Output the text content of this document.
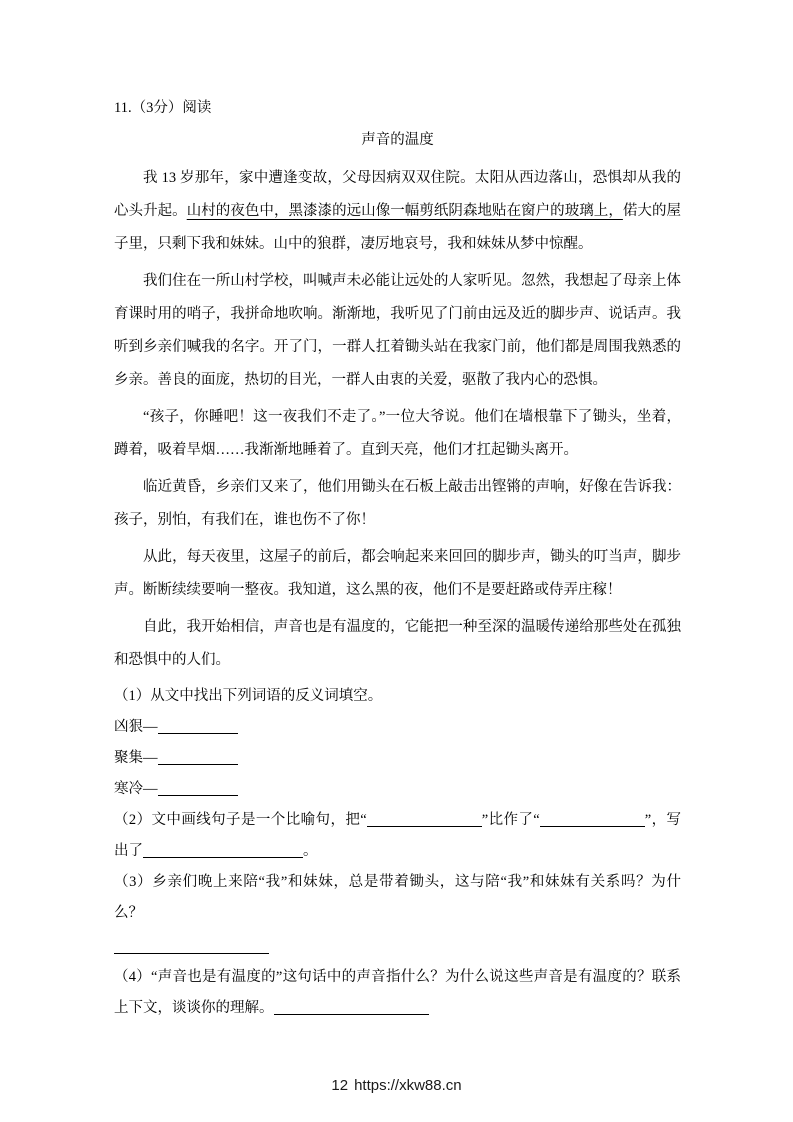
11.（3分）阅读
声音的温度

我 13 岁那年，家中遭逢变故，父母因病双双住院。太阳从西边落山，恐惧却从我的心头升起。山村的夜色中，黑漆漆的远山像一幅剪纸阴森地贴在窗户的玻璃上，偌大的屋子里，只剩下我和妹妹。山中的狼群，凄厉地哀号，我和妹妹从梦中惊醒。

我们住在一所山村学校，叫喊声未必能让远处的人家听见。忽然，我想起了母亲上体育课时用的哨子，我拼命地吹响。渐渐地，我听见了门前由远及近的脚步声、说话声。我听到乡亲们喊我的名字。开了门，一群人扛着锄头站在我家门前，他们都是周围我熟悉的乡亲。善良的面庞，热切的目光，一群人由衷的关爱，驱散了我内心的恐惧。

“孩子，你睡吧！这一夜我们不走了。”一位大爷说。他们在墙根靠下了锄头，坐着，蹲着，吸着旱烟……我渐渐地睡着了。直到天亮，他们才扛起锄头离开。

临近黄昏，乡亲们又来了，他们用锄头在石板上敲击出铿锵的声响，好像在告诉我：孩子，别怕，有我们在，谁也伤不了你！

从此，每天夜里，这屋子的前后，都会响起来来回回的脚步声，锄头的叮当声，脚步声。断断续续要响一整夜。我知道，这么黑的夜，他们不是要赶路或侍弄庄稼！

自此，我开始相信，声音也是有温度的，它能把一种至深的温暖传递给那些处在孤独和恐惧中的人们。

（1）从文中找出下列词语的反义词填空。
凶狠—
聚集—
寒冷—
（2）文中画线句子是一个比喻句，把“	”比作了“	”，写出了	。
（3）乡亲们晚上来陪“我”和妹妹，总是带着锄头，这与陪“我”和妹妹有关系吗？为什么？
（4）“声音也是有温度的”这句话中的声音指什么？为什么说这些声音是有温度的？联系上下文，谈谈你的理解。
12 https://xkw88.cn
